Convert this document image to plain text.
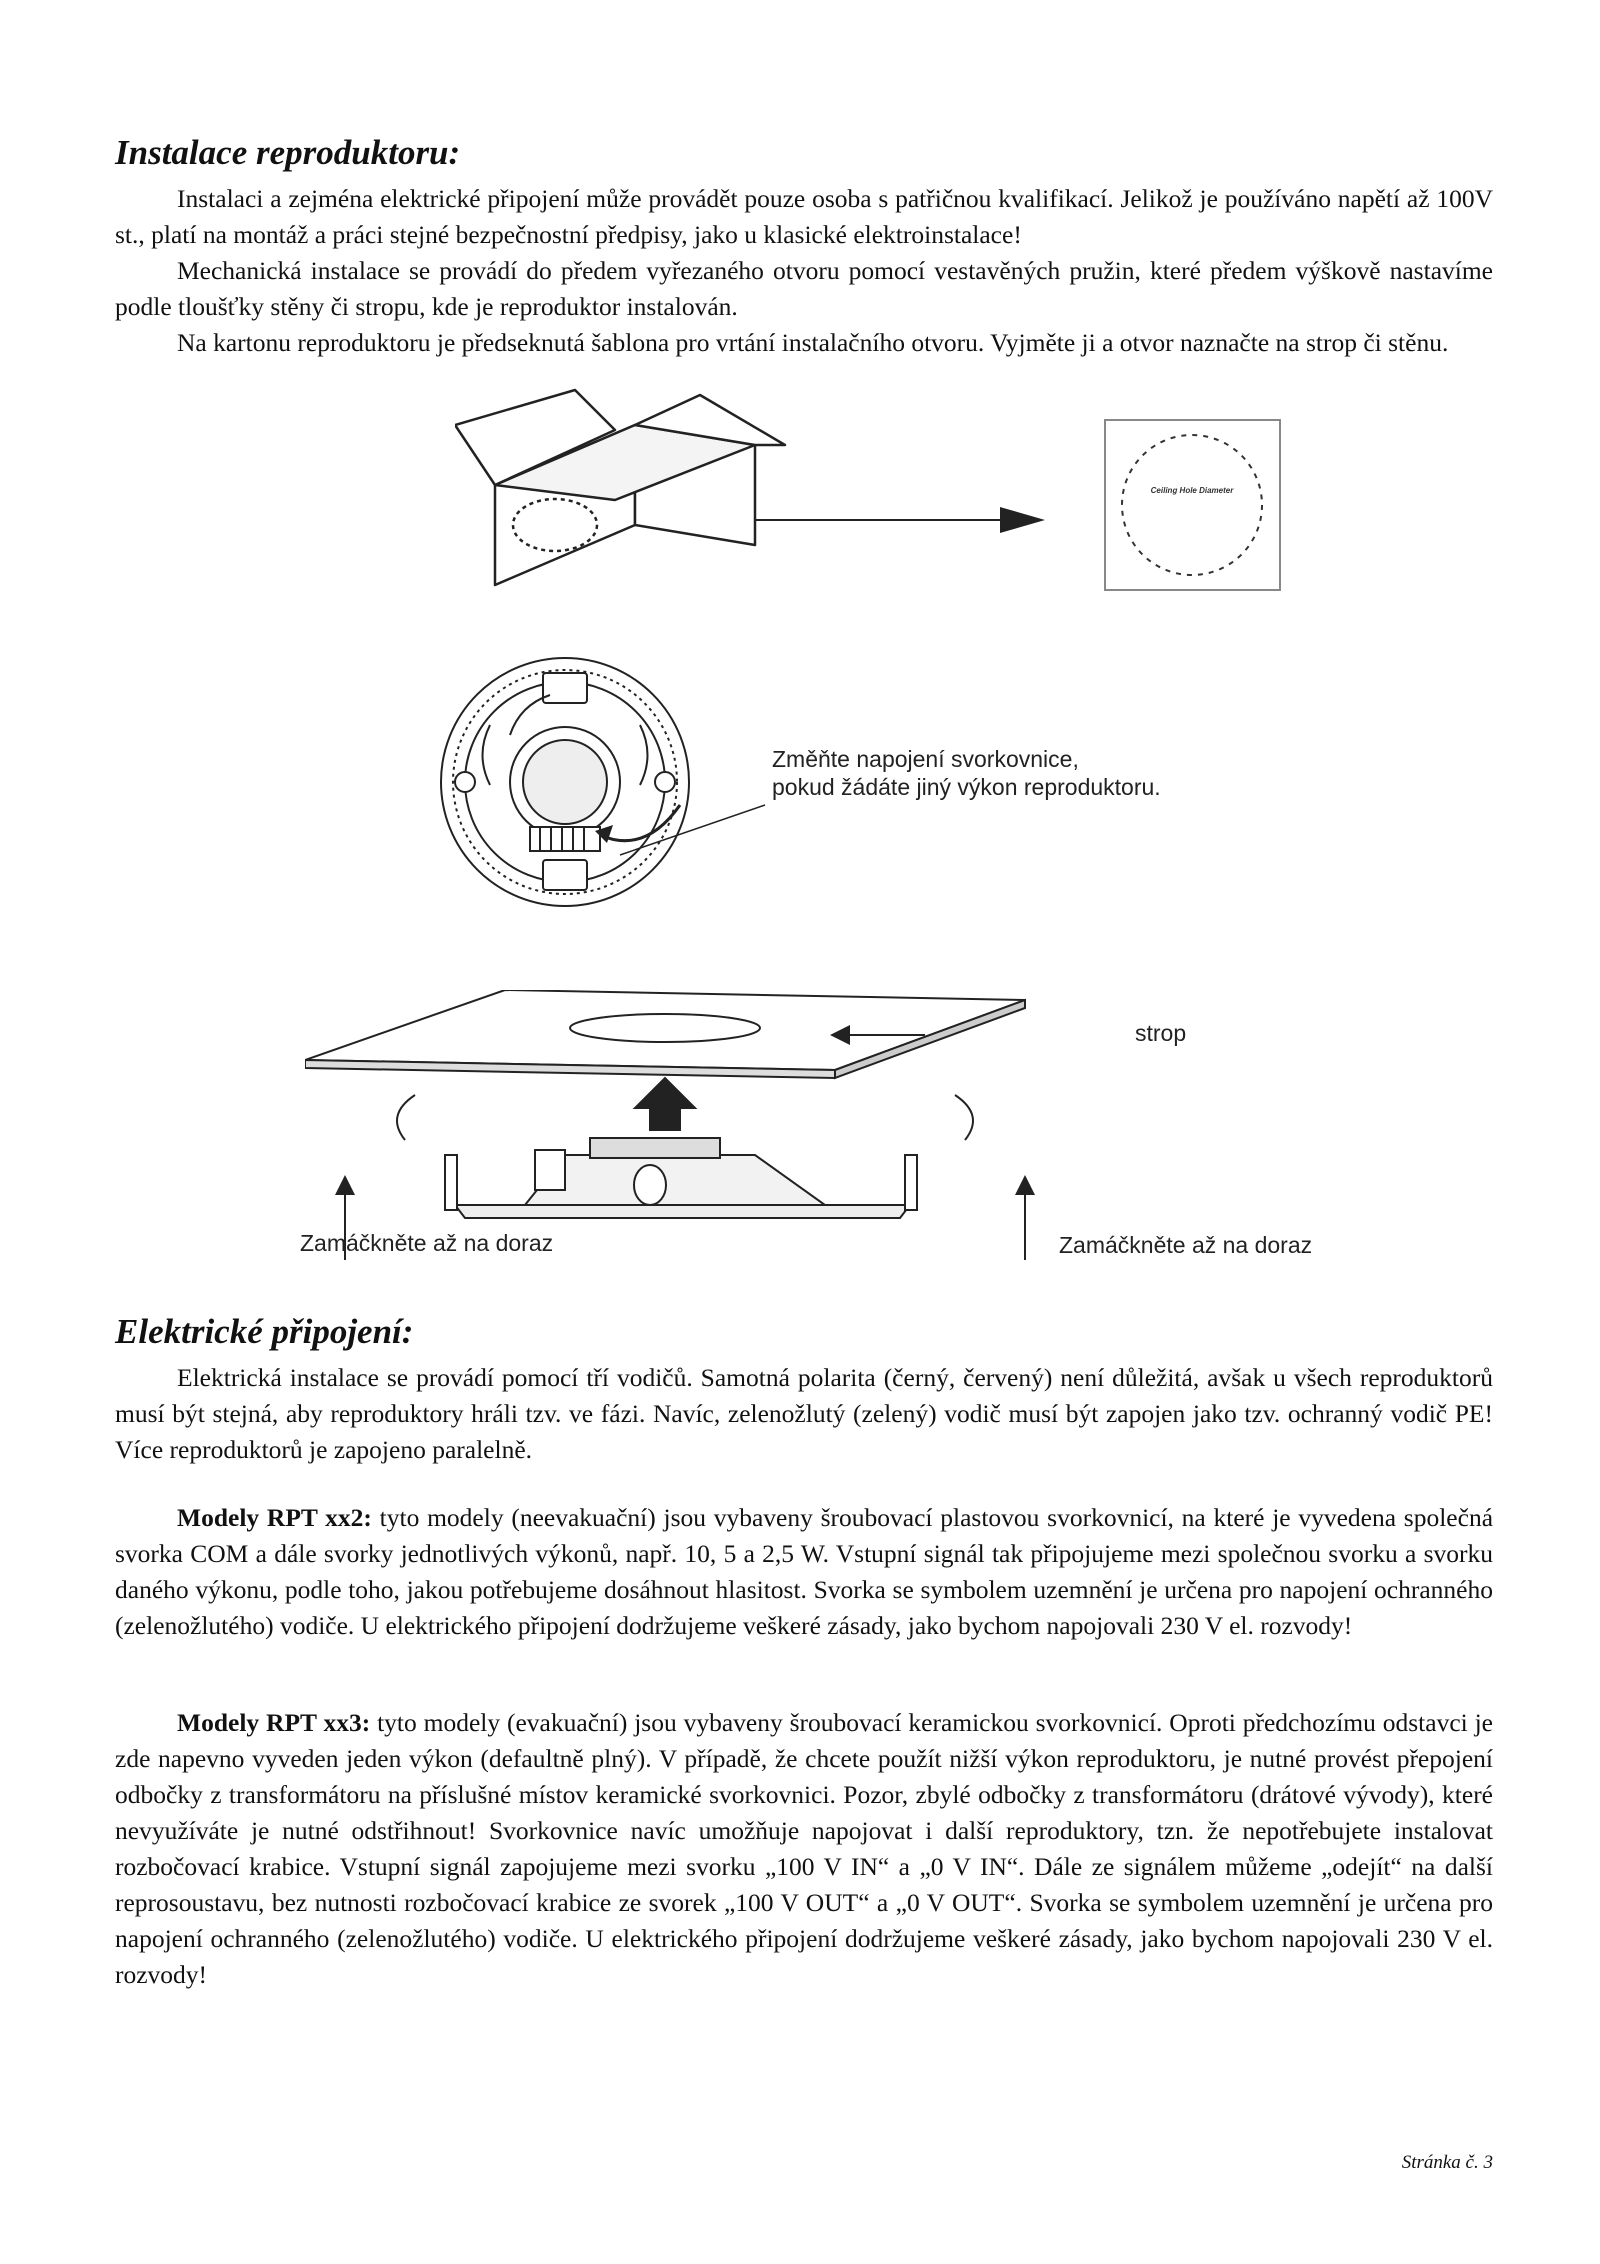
Instalace reproduktoru:

Instalaci a zejména elektrické připojení může provádět pouze osoba s patřičnou kvalifikací. Jelikož je používáno napětí až 100V st., platí na montáž a práci stejné bezpečnostní předpisy, jako u klasické elektroinstalace!

Mechanická instalace se provádí do předem vyřezaného otvoru pomocí vestavěných pružin, které předem výškově nastavíme podle tloušťky stěny či stropu, kde je reproduktor instalován.

Na kartonu reproduktoru je předseknutá šablona pro vrtání instalačního otvoru. Vyjměte ji a otvor naznačte na strop či stěnu.

Ceiling Hole Diameter
Změňte napojení svorkovnice,
pokud žádáte jiný výkon reproduktoru.
strop
Zamáčkněte až na doraz	Zamáčkněte až na doraz
Elektrické připojení:

Elektrická instalace se provádí pomocí tří vodičů. Samotná polarita (černý, červený) není důležitá, avšak u všech reproduktorů musí být stejná, aby reproduktory hráli tzv. ve fázi. Navíc, zelenožlutý (zelený) vodič musí být zapojen jako tzv. ochranný vodič PE! Více reproduktorů je zapojeno paralelně.

Modely RPT xx2: tyto modely (neevakuační) jsou vybaveny šroubovací plastovou svorkovnicí, na které je vyvedena společná svorka COM a dále svorky jednotlivých výkonů, např. 10, 5 a 2,5 W. Vstupní signál tak připojujeme mezi společnou svorku a svorku daného výkonu, podle toho, jakou potřebujeme dosáhnout hlasitost. Svorka se symbolem uzemnění je určena pro napojení ochranného (zelenožlutého) vodiče. U elektrického připojení dodržujeme veškeré zásady, jako bychom napojovali 230 V el. rozvody!

Modely RPT xx3: tyto modely (evakuační) jsou vybaveny šroubovací keramickou svorkovnicí. Oproti předchozímu odstavci je zde napevno vyveden jeden výkon (defaultně plný). V případě, že chcete použít nižší výkon reproduktoru, je nutné provést přepojení odbočky z transformátoru na příslušné místov keramické svorkovnici. Pozor, zbylé odbočky z transformátoru (drátové vývody), které nevyužíváte je nutné odstřihnout! Svorkovnice navíc umožňuje napojovat i další reproduktory, tzn. že nepotřebujete instalovat rozbočovací krabice. Vstupní signál zapojujeme mezi svorku „100 V IN“ a „0 V IN“. Dále ze signálem můžeme „odejít“ na další reprosoustavu, bez nutnosti rozbočovací krabice ze svorek „100 V OUT“ a „0 V OUT“. Svorka se symbolem uzemnění je určena pro napojení ochranného (zelenožlutého) vodiče. U elektrického připojení dodržujeme veškeré zásady, jako bychom napojovali 230 V el. rozvody!

Stránka č. 3
